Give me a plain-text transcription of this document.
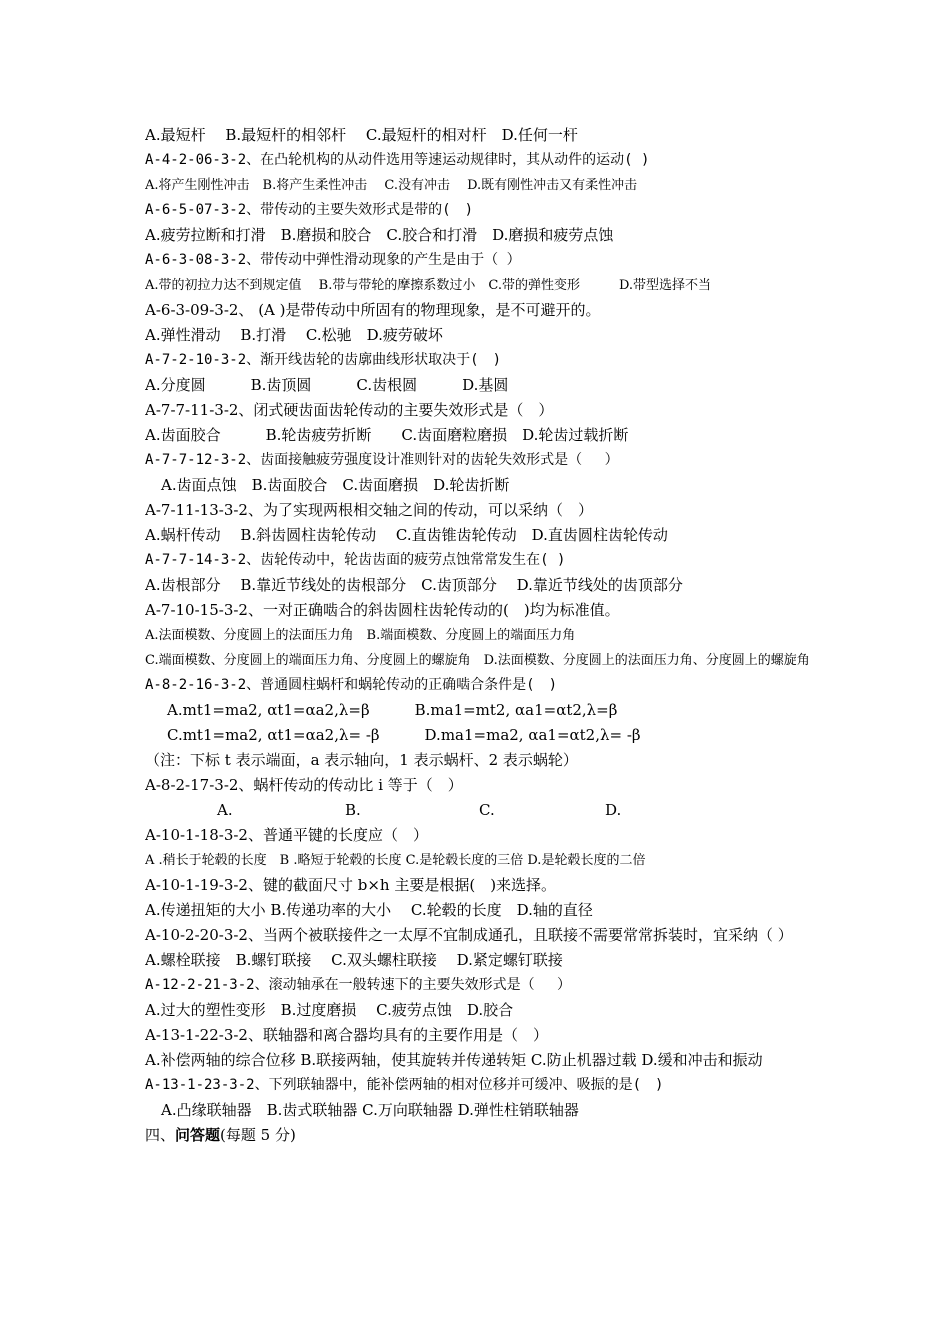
A.最短杆　 B.最短杆的相邻杆　 C.最短杆的相对杆　D.任何一杆

A-4-2-06-3-2、在凸轮机构的从动件选用等速运动规律时，其从动件的运动( )

A.将产生刚性冲击　B.将产生柔性冲击　 C.没有冲击　 D.既有刚性冲击又有柔性冲击

A-6-5-07-3-2、带传动的主要失效形式是带的(　)

A.疲劳拉断和打滑　B.磨损和胶合　C.胶合和打滑　D.磨损和疲劳点蚀

A-6-3-08-3-2、带传动中弹性滑动现象的产生是由于（ ）

A.带的初拉力达不到规定值　 B.带与带轮的摩擦系数过小　C.带的弹性变形　　　D.带型选择不当

A-6-3-09-3-2、 (A )是带传动中所固有的物理现象，是不可避开的。

A.弹性滑动　 B.打滑　 C.松驰　D.疲劳破坏

A-7-2-10-3-2、渐开线齿轮的齿廓曲线形状取决于(　)

A.分度圆　　　B.齿顶圆　　　C.齿根圆　　　D.基圆

A-7-7-11-3-2、闭式硬齿面齿轮传动的主要失效形式是（　）

A.齿面胶合　　　B.轮齿疲劳折断　　C.齿面磨粒磨损　D.轮齿过载折断

A-7-7-12-3-2、齿面接触疲劳强度设计准则针对的齿轮失效形式是（　 ）

A.齿面点蚀　B.齿面胶合　C.齿面磨损　D.轮齿折断

A-7-11-13-3-2、为了实现两根相交轴之间的传动，可以采纳（　）

A.蜗杆传动　 B.斜齿圆柱齿轮传动　 C.直齿锥齿轮传动　D.直齿圆柱齿轮传动

A-7-7-14-3-2、齿轮传动中，轮齿齿面的疲劳点蚀常常发生在( )

A.齿根部分　 B.靠近节线处的齿根部分　C.齿顶部分　 D.靠近节线处的齿顶部分

A-7-10-15-3-2、一对正确啮合的斜齿圆柱齿轮传动的(　)均为标准值。

A.法面模数、分度圆上的法面压力角　B.端面模数、分度圆上的端面压力角

C.端面模数、分度圆上的端面压力角、分度圆上的螺旋角　D.法面模数、分度圆上的法面压力角、分度圆上的螺旋角

A-8-2-16-3-2、普通圆柱蜗杆和蜗轮传动的正确啮合条件是(　)

A.mt1=ma2, αt1=αa2,λ=β　　　B.ma1=mt2, αa1=αt2,λ=β

C.mt1=ma2, αt1=αa2,λ= -β　　　D.ma1=ma2, αa1=αt2,λ= -β

（注：下标 t 表示端面，a 表示轴向，1 表示蜗杆、2 表示蜗轮）

A-8-2-17-3-2、蜗杆传动的传动比 i 等于（　）

A.	B.	C.	D.

A-10-1-18-3-2、普通平键的长度应（　）

A .稍长于轮毂的长度　B .略短于轮毂的长度 C.是轮毂长度的三倍 D.是轮毂长度的二倍

A-10-1-19-3-2、键的截面尺寸 b×h 主要是根据(　)来选择。

A.传递扭矩的大小 B.传递功率的大小　 C.轮毂的长度　D.轴的直径

A-10-2-20-3-2、当两个被联接件之一太厚不宜制成通孔，且联接不需要常常拆装时，宜采纳（ ）

A.螺栓联接　B.螺钉联接　 C.双头螺柱联接　 D.紧定螺钉联接

A-12-2-21-3-2、滚动轴承在一般转速下的主要失效形式是（　 ）

A.过大的塑性变形　B.过度磨损　 C.疲劳点蚀　D.胶合

A-13-1-22-3-2、联轴器和离合器均具有的主要作用是（　）

A.补偿两轴的综合位移 B.联接两轴，使其旋转并传递转矩 C.防止机器过载 D.缓和冲击和振动

A-13-1-23-3-2、下列联轴器中，能补偿两轴的相对位移并可缓冲、吸振的是(　)

A.凸缘联轴器　B.齿式联轴器 C.万向联轴器 D.弹性柱销联轴器

四、问答题(每题 5 分)
